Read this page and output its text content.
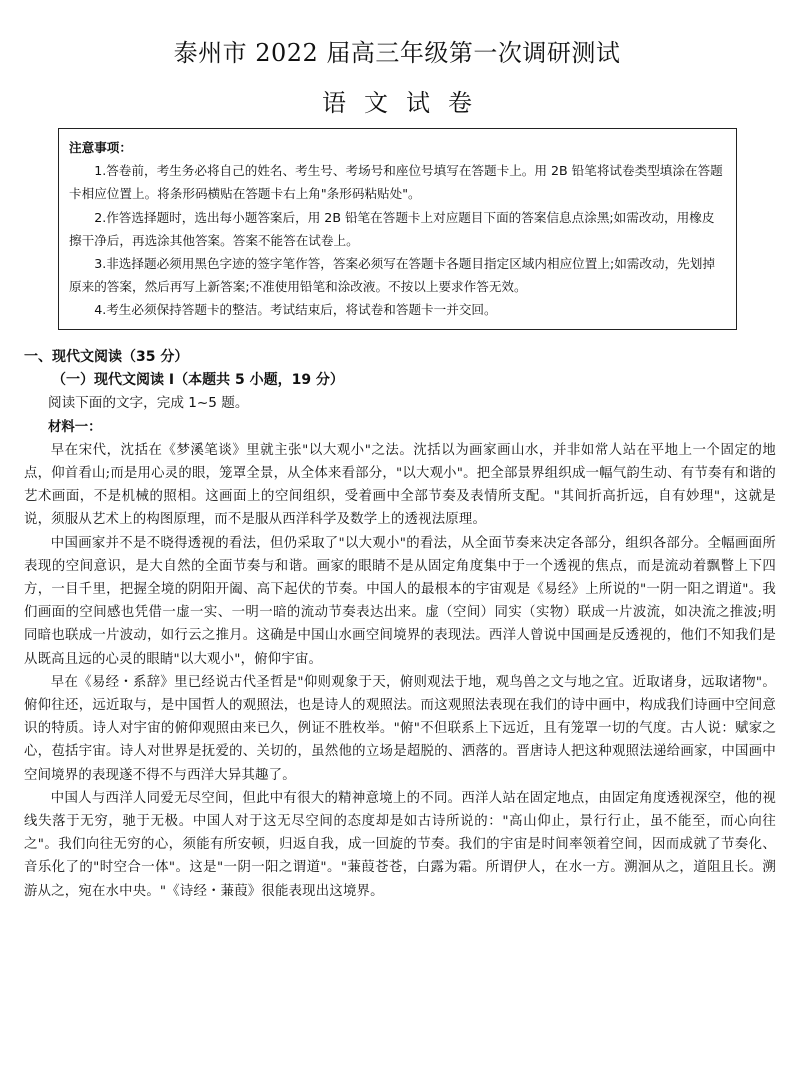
泰州市 2022 届高三年级第一次调研测试
语文试卷
注意事项：

1.答卷前，考生务必将自己的姓名、考生号、考场号和座位号填写在答题卡上。用 2B 铅笔将试卷类型填涂在答题卡相应位置上。将条形码横贴在答题卡右上角"条形码粘贴处"。

2.作答选择题时，选出每小题答案后，用 2B 铅笔在答题卡上对应题目下面的答案信息点涂黑;如需改动，用橡皮擦干净后，再选涂其他答案。答案不能答在试卷上。

3.非选择题必须用黑色字迹的签字笔作答，答案必须写在答题卡各题目指定区域内相应位置上;如需改动，先划掉原来的答案，然后再写上新答案;不准使用铅笔和涂改液。不按以上要求作答无效。

4.考生必须保持答题卡的整洁。考试结束后，将试卷和答题卡一并交回。

一、现代文阅读（35 分）

（一）现代文阅读 I（本题共 5 小题，19 分）

阅读下面的文字，完成 1~5 题。

材料一：

早在宋代，沈括在《梦溪笔谈》里就主张"以大观小"之法。沈括以为画家画山水，并非如常人站在平地上一个固定的地点，仰首看山;而是用心灵的眼，笼罩全景，从全体来看部分，"以大观小"。把全部景界组织成一幅气韵生动、有节奏有和谐的艺术画面，不是机械的照相。这画面上的空间组织，受着画中全部节奏及表情所支配。"其间折高折远，自有妙理"，这就是说，须服从艺术上的构图原理，而不是服从西洋科学及数学上的透视法原理。

中国画家并不是不晓得透视的看法，但仍采取了"以大观小"的看法，从全面节奏来决定各部分，组织各部分。全幅画面所表现的空间意识，是大自然的全面节奏与和谐。画家的眼睛不是从固定角度集中于一个透视的焦点，而是流动着飘瞥上下四方，一目千里，把握全境的阴阳开阖、高下起伏的节奏。中国人的最根本的宇宙观是《易经》上所说的"一阴一阳之谓道"。我们画面的空间感也凭借一虚一实、一明一暗的流动节奏表达出来。虚（空间）同实（实物）联成一片波流，如决流之推波;明同暗也联成一片波动，如行云之推月。这确是中国山水画空间境界的表现法。西洋人曾说中国画是反透视的，他们不知我们是从既高且远的心灵的眼睛"以大观小"，俯仰宇宙。

早在《易经・系辞》里已经说古代圣哲是"仰则观象于天，俯则观法于地，观鸟兽之文与地之宜。近取诸身，远取诸物"。俯仰往还，远近取与，是中国哲人的观照法，也是诗人的观照法。而这观照法表现在我们的诗中画中，构成我们诗画中空间意识的特质。诗人对宇宙的俯仰观照由来已久，例证不胜枚举。"俯"不但联系上下远近，且有笼罩一切的气度。古人说：赋家之心，苞括宇宙。诗人对世界是抚爱的、关切的，虽然他的立场是超脱的、洒落的。晋唐诗人把这种观照法递给画家，中国画中空间境界的表现遂不得不与西洋大异其趣了。

中国人与西洋人同爱无尽空间，但此中有很大的精神意境上的不同。西洋人站在固定地点，由固定角度透视深空，他的视线失落于无穷，驰于无极。中国人对于这无尽空间的态度却是如古诗所说的："高山仰止，景行行止，虽不能至，而心向往之"。我们向往无穷的心，须能有所安顿，归返自我，成一回旋的节奏。我们的宇宙是时间率领着空间，因而成就了节奏化、音乐化了的"时空合一体"。这是"一阴一阳之谓道"。"蒹葭苍苍，白露为霜。所谓伊人，在水一方。溯洄从之，道阻且长。溯游从之，宛在水中央。"《诗经・蒹葭》很能表现出这境界。
